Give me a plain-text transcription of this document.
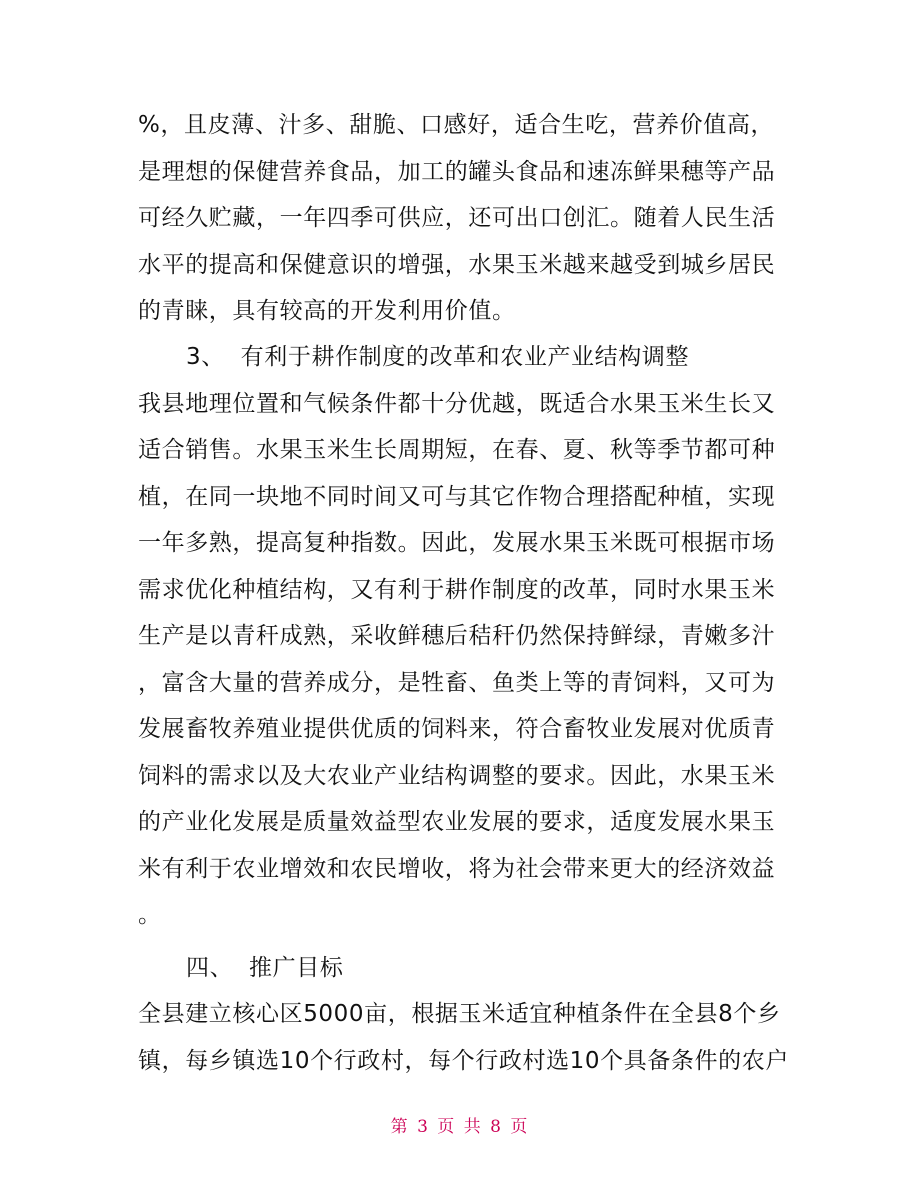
%，且皮薄、汁多、甜脆、口感好，适合生吃，营养价值高，
是理想的保健营养食品，加工的罐头食品和速冻鲜果穗等产品
可经久贮藏，一年四季可供应，还可出口创汇。随着人民生活
水平的提高和保健意识的增强，水果玉米越来越受到城乡居民
的青睐，具有较高的开发利用价值。
3、  有利于耕作制度的改革和农业产业结构调整
我县地理位置和气候条件都十分优越，既适合水果玉米生长又
适合销售。水果玉米生长周期短，在春、夏、秋等季节都可种
植，在同一块地不同时间又可与其它作物合理搭配种植，实现
一年多熟，提高复种指数。因此，发展水果玉米既可根据市场
需求优化种植结构，又有利于耕作制度的改革，同时水果玉米
生产是以青秆成熟，采收鲜穗后秸秆仍然保持鲜绿，青嫩多汁
，富含大量的营养成分，是牲畜、鱼类上等的青饲料，又可为
发展畜牧养殖业提供优质的饲料来，符合畜牧业发展对优质青
饲料的需求以及大农业产业结构调整的要求。因此，水果玉米
的产业化发展是质量效益型农业发展的要求，适度发展水果玉
米有利于农业增效和农民增收，将为社会带来更大的经济效益
。
四、  推广目标
全县建立核心区5000亩，根据玉米适宜种植条件在全县8个乡
镇，每乡镇选10个行政村，每个行政村选10个具备条件的农户
第 3 页 共 8 页
